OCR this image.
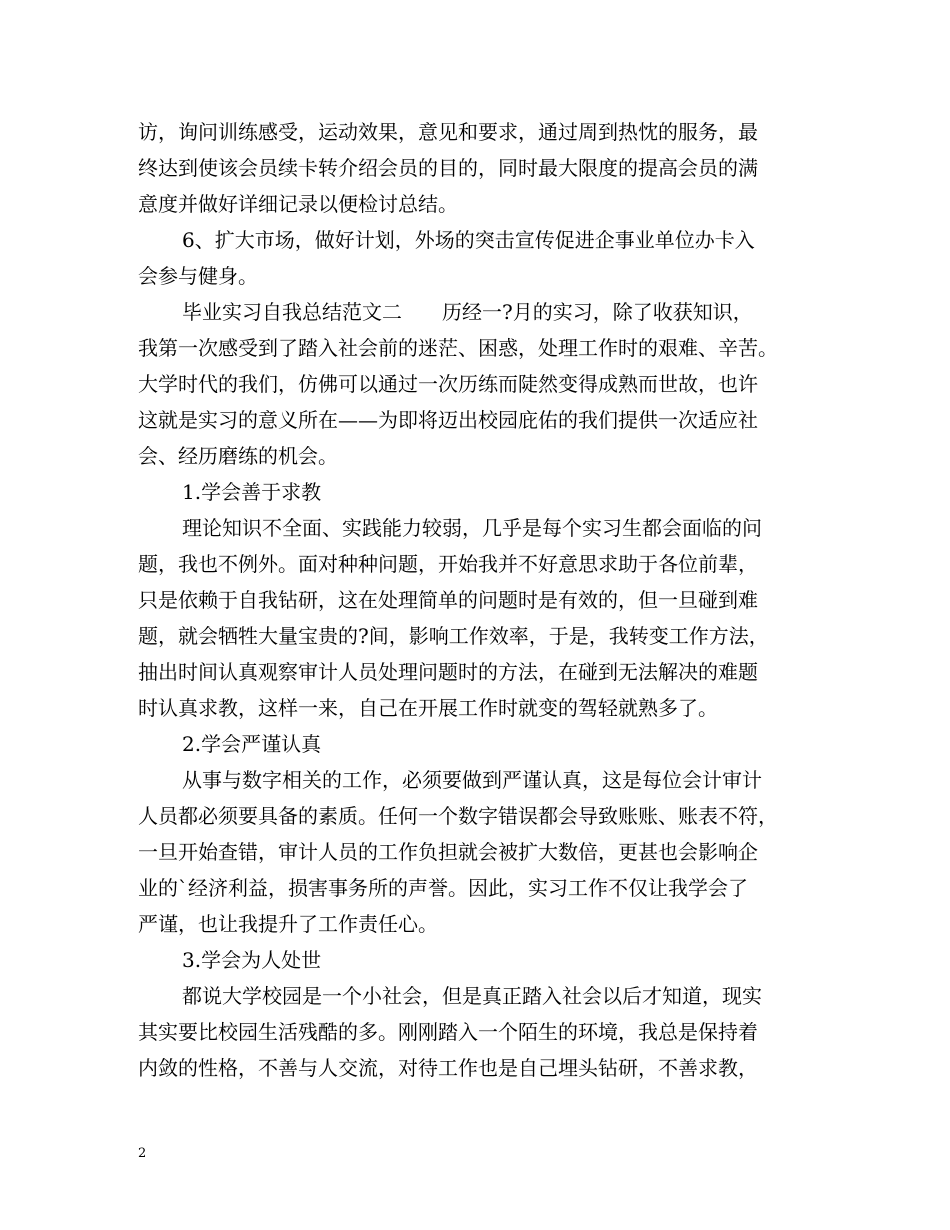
访，询问训练感受，运动效果，意见和要求，通过周到热忱的服务，最
终达到使该会员续卡转介绍会员的目的，同时最大限度的提高会员的满
意度并做好详细记录以便检讨总结。
6、扩大市场，做好计划，外场的突击宣传促进企事业单位办卡入
会参与健身。
毕业实习自我总结范文二　　历经一?月的实习，除了收获知识，
我第一次感受到了踏入社会前的迷茫、困惑，处理工作时的艰难、辛苦。
大学时代的我们，仿佛可以通过一次历练而陡然变得成熟而世故，也许
这就是实习的意义所在——为即将迈出校园庇佑的我们提供一次适应社
会、经历磨练的机会。
1.学会善于求教
理论知识不全面、实践能力较弱，几乎是每个实习生都会面临的问
题，我也不例外。面对种种问题，开始我并不好意思求助于各位前辈，
只是依赖于自我钻研，这在处理简单的问题时是有效的，但一旦碰到难
题，就会牺牲大量宝贵的?间，影响工作效率，于是，我转变工作方法，
抽出时间认真观察审计人员处理问题时的方法，在碰到无法解决的难题
时认真求教，这样一来，自己在开展工作时就变的驾轻就熟多了。
2.学会严谨认真
从事与数字相关的工作，必须要做到严谨认真，这是每位会计审计
人员都必须要具备的素质。任何一个数字错误都会导致账账、账表不符，
一旦开始查错，审计人员的工作负担就会被扩大数倍，更甚也会影响企
业的`经济利益，损害事务所的声誉。因此，实习工作不仅让我学会了
严谨，也让我提升了工作责任心。
3.学会为人处世
都说大学校园是一个小社会，但是真正踏入社会以后才知道，现实
其实要比校园生活残酷的多。刚刚踏入一个陌生的环境，我总是保持着
内敛的性格，不善与人交流，对待工作也是自己埋头钻研，不善求教，
2
